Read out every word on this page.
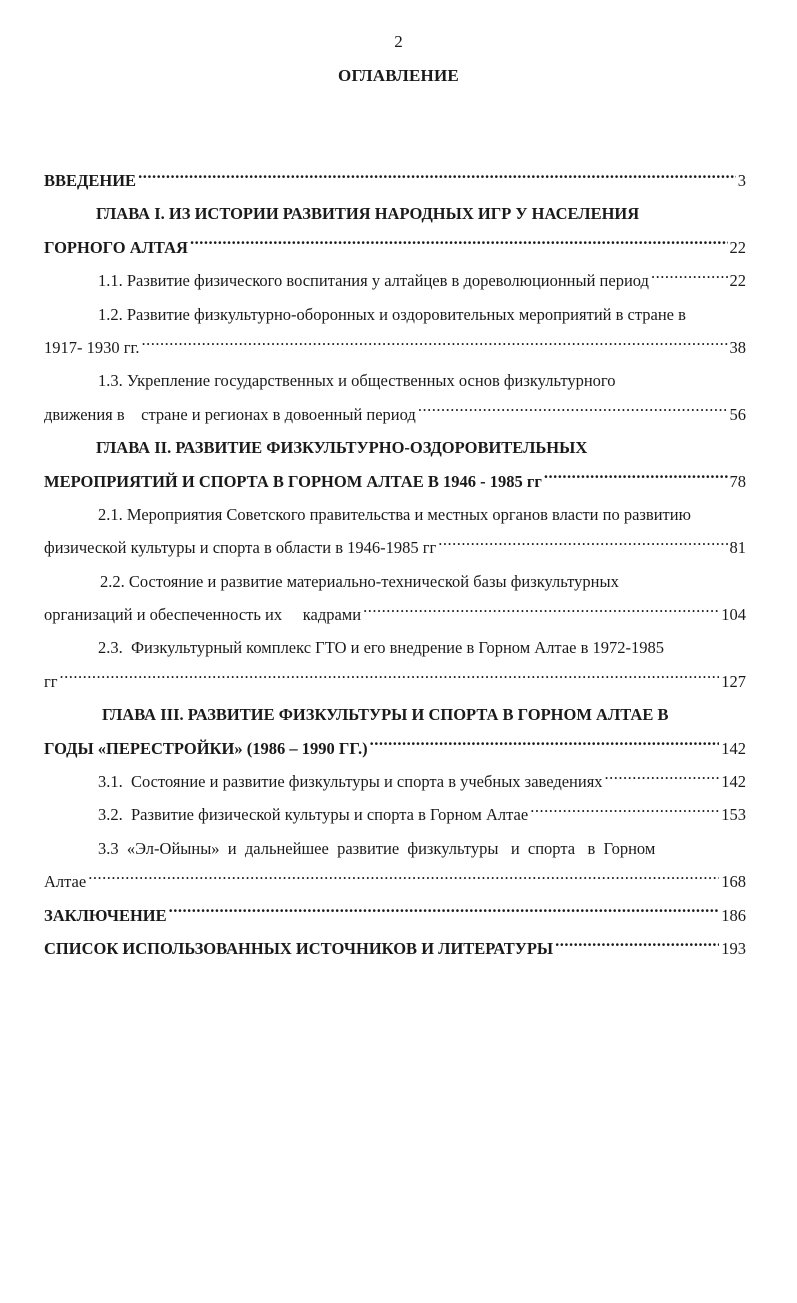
2
ОГЛАВЛЕНИЕ
ВВЕДЕНИЕ .....	3
ГЛАВА I. ИЗ ИСТОРИИ РАЗВИТИЯ НАРОДНЫХ ИГР У НАСЕЛЕНИЯ
ГОРНОГО АЛТАЯ .....	22
1.1. Развитие физического воспитания у алтайцев в дореволюционный период .....	22
1.2. Развитие физкультурно-оборонных и оздоровительных мероприятий в стране в
1917- 1930 гг. .....	38
1.3. Укрепление государственных и общественных основ физкультурного
движения в    стране и регионах в довоенный период .....	56
ГЛАВА II. РАЗВИТИЕ ФИЗКУЛЬТУРНО-ОЗДОРОВИТЕЛЬНЫХ
МЕРОПРИЯТИЙ И СПОРТА В ГОРНОМ АЛТАЕ В 1946 - 1985 гг .....	78
2.1. Мероприятия Советского правительства и местных органов власти по развитию
физической культуры и спорта в области в 1946-1985 гг .....	81
2.2. Состояние и развитие материально-технической базы физкультурных
организаций и обеспеченность их     кадрами .....	104
2.3.  Физкультурный комплекс ГТО и его внедрение в Горном Алтае в 1972-1985
гг .....	127
ГЛАВА III. РАЗВИТИЕ ФИЗКУЛЬТУРЫ И СПОРТА В ГОРНОМ АЛТАЕ В
ГОДЫ «ПЕРЕСТРОЙКИ» (1986 – 1990 ГГ.) .....	142
3.1.  Состояние и развитие физкультуры и спорта в учебных заведениях .....	142
3.2.  Развитие физической культуры и спорта в Горном Алтае .....	153
3.3  «Эл-Ойыны»  и  дальнейшее  развитие  физкультуры   и  спорта   в  Горном
Алтае .....	168
ЗАКЛЮЧЕНИЕ .....	186
СПИСОК ИСПОЛЬЗОВАННЫХ ИСТОЧНИКОВ И ЛИТЕРАТУРЫ .....	193
